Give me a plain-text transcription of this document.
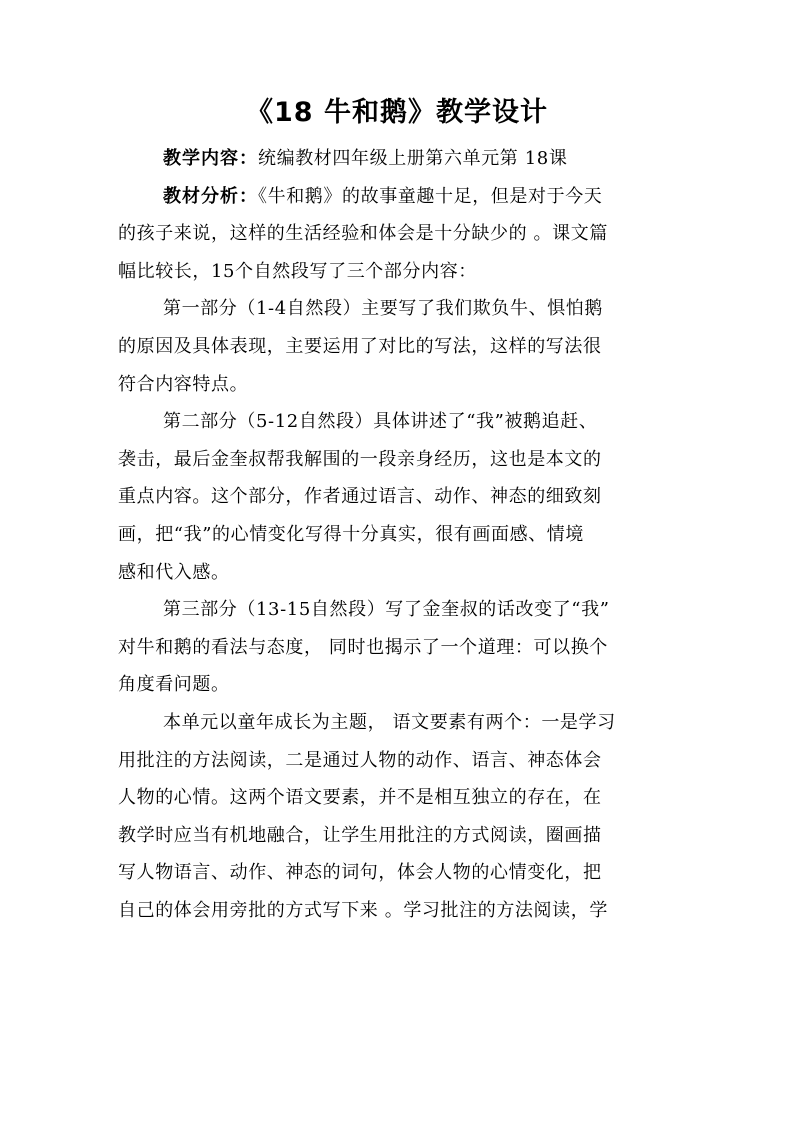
《18 牛和鹅》教学设计
教学内容：统编教材四年级上册第六单元第 18课
教材分析：《牛和鹅》的故事童趣十足，但是对于今天
的孩子来说，这样的生活经验和体会是十分缺少的 。课文篇
幅比较长，15个自然段写了三个部分内容：
第一部分（1-4自然段）主要写了我们欺负牛、惧怕鹅
的原因及具体表现，主要运用了对比的写法，这样的写法很
符合内容特点。
第二部分（5-12自然段）具体讲述了“我”被鹅追赶、
袭击，最后金奎叔帮我解围的一段亲身经历，这也是本文的
重点内容。这个部分，作者通过语言、动作、神态的细致刻
画，把“我”的心情变化写得十分真实，很有画面感、情境
感和代入感。
第三部分（13-15自然段）写了金奎叔的话改变了“我”
对牛和鹅的看法与态度， 同时也揭示了一个道理：可以换个
角度看问题。
本单元以童年成长为主题， 语文要素有两个：一是学习
用批注的方法阅读，二是通过人物的动作、语言、神态体会
人物的心情。这两个语文要素，并不是相互独立的存在，在
教学时应当有机地融合，让学生用批注的方式阅读，圈画描
写人物语言、动作、神态的词句，体会人物的心情变化，把
自己的体会用旁批的方式写下来 。学习批注的方法阅读，学
